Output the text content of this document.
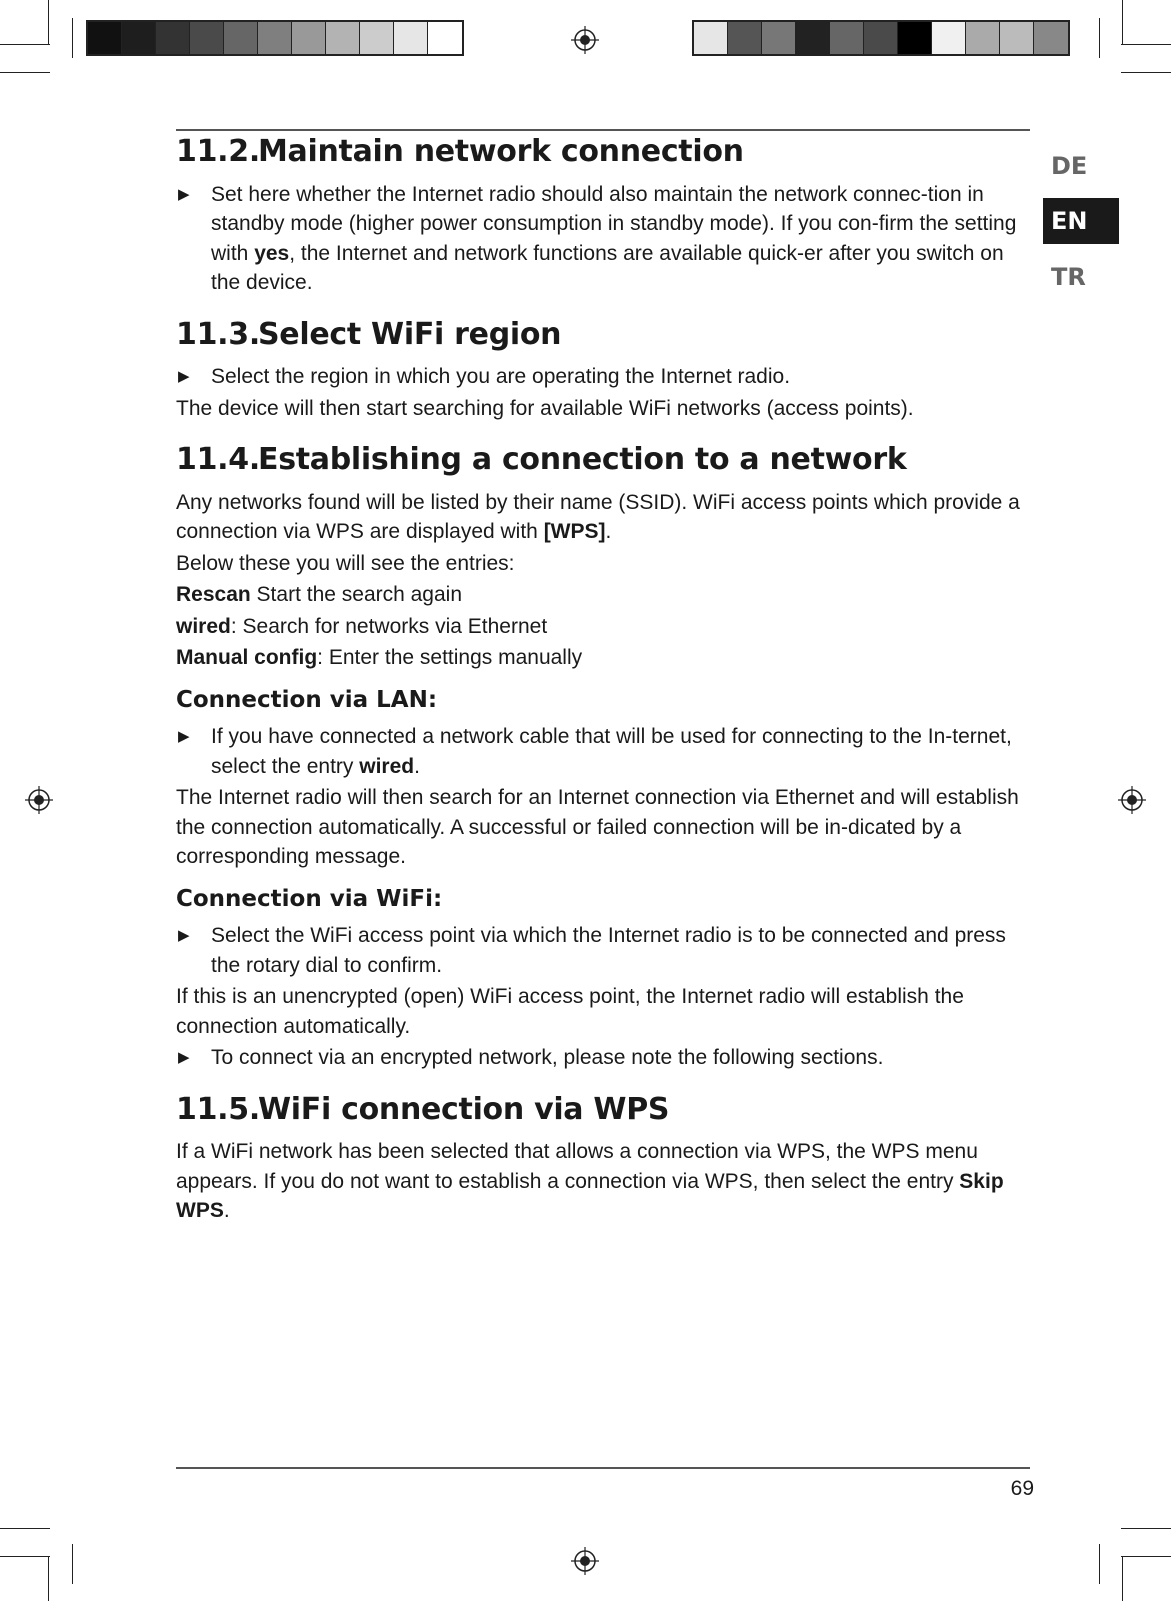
DE
EN
TR
11.2.Maintain network connection
▶ Set here whether the Internet radio should also maintain the network connec-tion in standby mode (higher power consumption in standby mode). If you con-firm the setting with yes, the Internet and network functions are available quick-er after you switch on the device.
11.3.Select WiFi region
▶ Select the region in which you are operating the Internet radio.

The device will then start searching for available WiFi networks (access points).

11.4.Establishing a connection to a network

Any networks found will be listed by their name (SSID). WiFi access points which provide a connection via WPS are displayed with [WPS].

Below these you will see the entries:

Rescan Start the search again

wired: Search for networks via Ethernet

Manual config: Enter the settings manually

Connection via LAN:
▶ If you have connected a network cable that will be used for connecting to the In-ternet, select the entry wired.

The Internet radio will then search for an Internet connection via Ethernet and will establish the connection automatically. A successful or failed connection will be in-dicated by a corresponding message.

Connection via WiFi:
▶ Select the WiFi access point via which the Internet radio is to be connected and press the rotary dial to confirm.

If this is an unencrypted (open) WiFi access point, the Internet radio will establish the connection automatically.

▶ To connect via an encrypted network, please note the following sections.
11.5.WiFi connection via WPS

If a WiFi network has been selected that allows a connection via WPS, the WPS menu appears. If you do not want to establish a connection via WPS, then select the entry Skip WPS.

69
